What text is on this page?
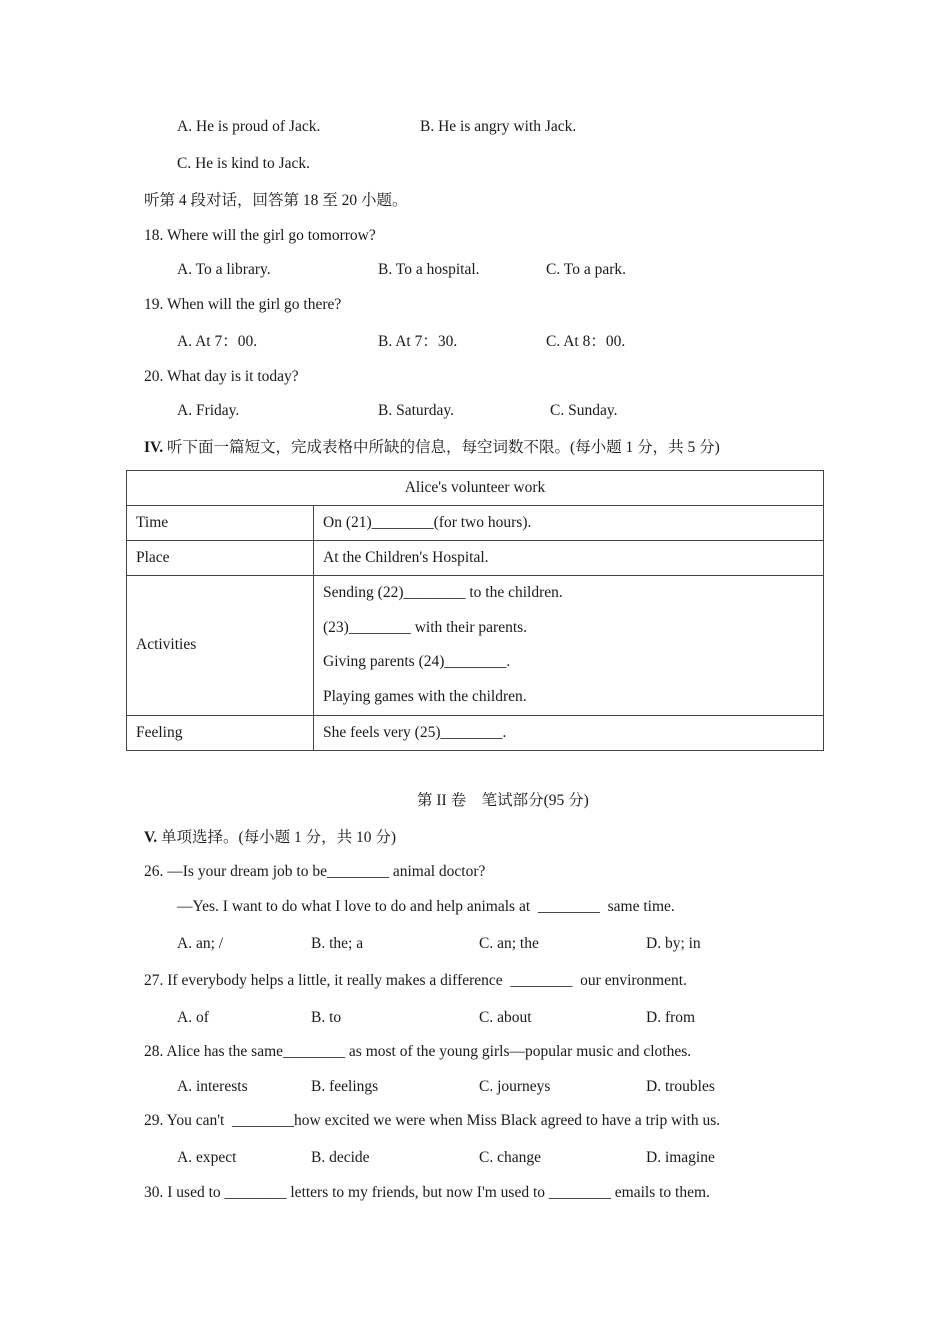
A. He is proud of Jack.	B. He is angry with Jack.
C. He is kind to Jack.
听第 4 段对话，回答第 18 至 20 小题。
18. Where will the girl go tomorrow?
A. To a library.	B. To a hospital.	C. To a park.
19. When will the girl go there?
A. At 7：00.	B. At 7：30.	C. At 8：00.
20. What day is it today?
A. Friday.	B. Saturday.	C. Sunday.
IV. 听下面一篇短文，完成表格中所缺的信息，每空词数不限。(每小题 1 分，共 5 分)
Alice's volunteer work	
Time	On (21)________(for two hours).
Place	At the Children's Hospital.
Activities	Sending (22)________ to the children.
(23)________ with their parents.
Giving parents (24)________.
Playing games with the children.

Feeling	She feels very (25)________.
第 II 卷　笔试部分(95 分)
V. 单项选择。(每小题 1 分，共 10 分)
26. —Is your dream job to be________ animal doctor?
—Yes. I want to do what I love to do and help animals at  ________  same time.
A. an; /	B. the; a	C. an; the	D. by; in
27. If everybody helps a little, it really makes a difference  ________  our environment.
A. of	B. to	C. about	D. from
28. Alice has the same________ as most of the young girls—popular music and clothes.
A. interests	B. feelings	C. journeys	D. troubles
29. You can't  ________how excited we were when Miss Black agreed to have a trip with us.
A. expect	B. decide	C. change	D. imagine
30. I used to ________ letters to my friends, but now I'm used to ________ emails to them.
